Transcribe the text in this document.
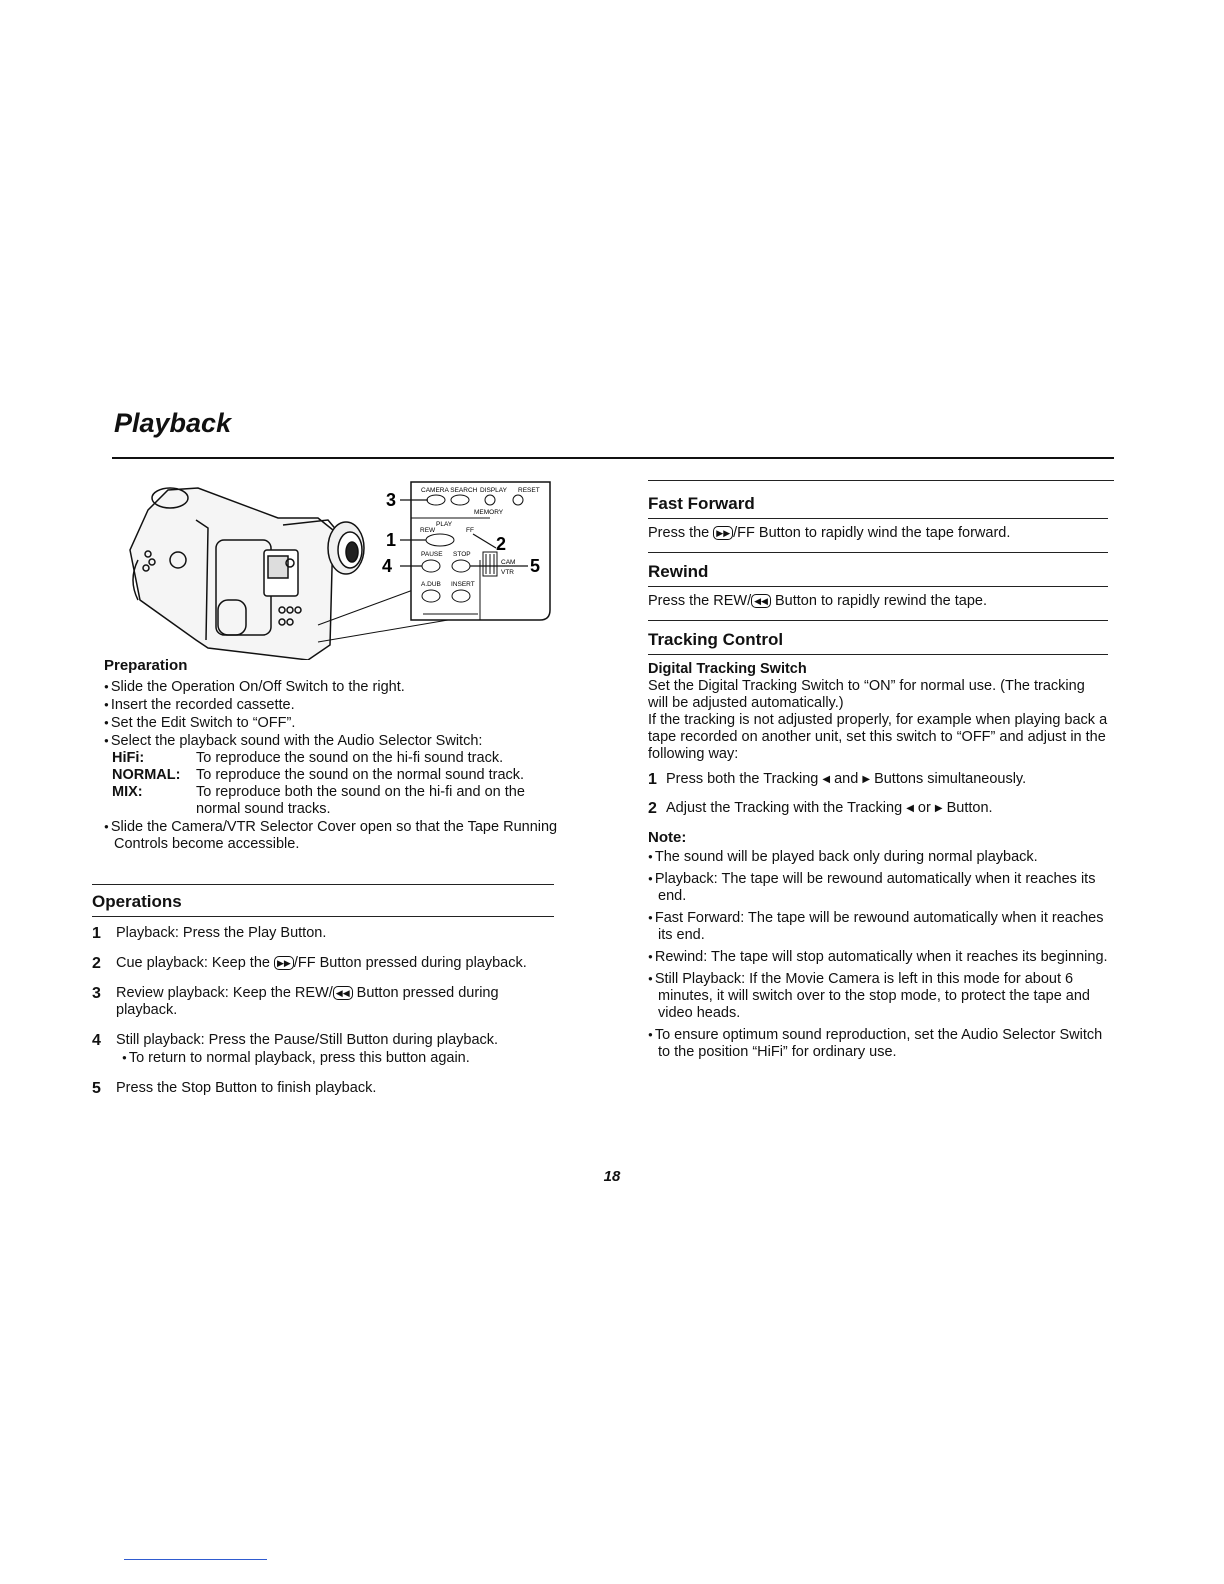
Playback
CAMERA SEARCH DISPLAY RESET
MEMORY
REW
PLAY
FF
PAUSE STOP
CAM
VTR
A.DUB INSERT
3
1
4
2
5
Preparation
● Slide the Operation On/Off Switch to the right.
● Insert the recorded cassette.
● Set the Edit Switch to “OFF”.
● Select the playback sound with the Audio Selector Switch:
HiFi:	To reproduce the sound on the hi-fi sound track.
NORMAL:	To reproduce the sound on the normal sound track.
MIX:	To reproduce both the sound on the hi-fi and on the normal sound tracks.
● Slide the Camera/VTR Selector Cover open so that the Tape Running Controls become accessible.
Operations
1	Playback: Press the Play Button.
2	Cue playback: Keep the ▶▶ /FF Button pressed during playback.
3	Review playback: Keep the REW/ ◀◀ Button pressed during playback.
4	Still playback: Press the Pause/Still Button during playback.
● To return to normal playback, press this button again.
5	Press the Stop Button to finish playback.
Fast Forward

Press the ▶▶ /FF Button to rapidly wind the tape forward.

Rewind

Press the REW/ ◀◀ Button to rapidly rewind the tape.

Tracking Control
Digital Tracking Switch

Set the Digital Tracking Switch to “ON” for normal use. (The tracking will be adjusted automatically.)

If the tracking is not adjusted properly, for example when playing back a tape recorded on another unit, set this switch to “OFF” and adjust in the following way:

1 Press both the Tracking ◀ and ▶ Buttons simultaneously.
2 Adjust the Tracking with the Tracking ◀ or ▶ Button.
Note:
● The sound will be played back only during normal playback.
● Playback: The tape will be rewound automatically when it reaches its end.
● Fast Forward: The tape will be rewound automatically when it reaches its end.
● Rewind: The tape will stop automatically when it reaches its beginning.
● Still Playback: If the Movie Camera is left in this mode for about 6 minutes, it will switch over to the stop mode, to protect the tape and video heads.
● To ensure optimum sound reproduction, set the Audio Selector Switch to the position “HiFi” for ordinary use.
18
